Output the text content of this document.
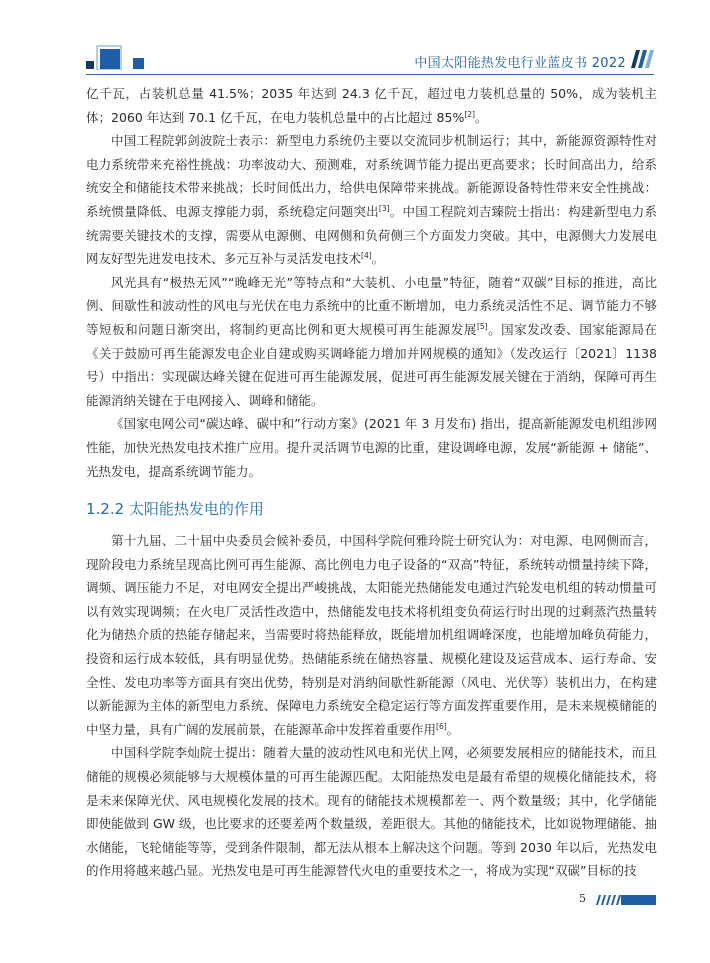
中国太阳能热发电行业蓝皮书 2022

亿千瓦，占装机总量 41.5%；2035 年达到 24.3 亿千瓦，超过电力装机总量的 50%，成为装机主体；2060 年达到 70.1 亿千瓦，在电力装机总量中的占比超过 85%[2]。

中国工程院郭剑波院士表示：新型电力系统仍主要以交流同步机制运行；其中，新能源资源特性对电力系统带来充裕性挑战：功率波动大、预测难，对系统调节能力提出更高要求；长时间高出力，给系统安全和储能技术带来挑战；长时间低出力，给供电保障带来挑战。新能源设备特性带来安全性挑战：系统惯量降低、电源支撑能力弱，系统稳定问题突出[3]。中国工程院刘吉臻院士指出：构建新型电力系统需要关键技术的支撑，需要从电源侧、电网侧和负荷侧三个方面发力突破。其中，电源侧大力发展电网友好型先进发电技术、多元互补与灵活发电技术[4]。

风光具有“极热无风”“晚峰无光”等特点和“大装机、小电量”特征，随着“双碳”目标的推进，高比例、间歇性和波动性的风电与光伏在电力系统中的比重不断增加，电力系统灵活性不足、调节能力不够等短板和问题日渐突出，将制约更高比例和更大规模可再生能源发展[5]。国家发改委、国家能源局在《关于鼓励可再生能源发电企业自建或购买调峰能力增加并网规模的通知》（发改运行〔2021〕1138 号）中指出：实现碳达峰关键在促进可再生能源发展，促进可再生能源发展关键在于消纳，保障可再生能源消纳关键在于电网接入、调峰和储能。

《国家电网公司“碳达峰、碳中和”行动方案》(2021 年 3 月发布) 指出，提高新能源发电机组涉网性能，加快光热发电技术推广应用。提升灵活调节电源的比重，建设调峰电源，发展“新能源 + 储能”、光热发电，提高系统调节能力。

1.2.2 太阳能热发电的作用

第十九届、二十届中央委员会候补委员，中国科学院何雅玲院士研究认为：对电源、电网侧而言，现阶段电力系统呈现高比例可再生能源、高比例电力电子设备的“双高”特征，系统转动惯量持续下降，调频、调压能力不足，对电网安全提出严峻挑战，太阳能光热储能发电通过汽轮发电机组的转动惯量可以有效实现调频；在火电厂灵活性改造中，热储能发电技术将机组变负荷运行时出现的过剩蒸汽热量转化为储热介质的热能存储起来，当需要时将热能释放，既能增加机组调峰深度，也能增加峰负荷能力，投资和运行成本较低，具有明显优势。热储能系统在储热容量、规模化建设及运营成本、运行寿命、安全性、发电功率等方面具有突出优势，特别是对消纳间歇性新能源（风电、光伏等）装机出力，在构建以新能源为主体的新型电力系统、保障电力系统安全稳定运行等方面发挥重要作用，是未来规模储能的中坚力量，具有广阔的发展前景，在能源革命中发挥着重要作用[6]。

中国科学院李灿院士提出：随着大量的波动性风电和光伏上网，必须要发展相应的储能技术，而且储能的规模必须能够与大规模体量的可再生能源匹配。太阳能热发电是最有希望的规模化储能技术，将是未来保障光伏、风电规模化发展的技术。现有的储能技术规模都差一、两个数量级；其中，化学储能即使能做到 GW 级，也比要求的还要差两个数量级，差距很大。其他的储能技术，比如说物理储能、抽水储能，飞轮储能等等，受到条件限制，都无法从根本上解决这个问题。等到 2030 年以后，光热发电的作用将越来越凸显。光热发电是可再生能源替代火电的重要技术之一，将成为实现“双碳”目标的技

5
